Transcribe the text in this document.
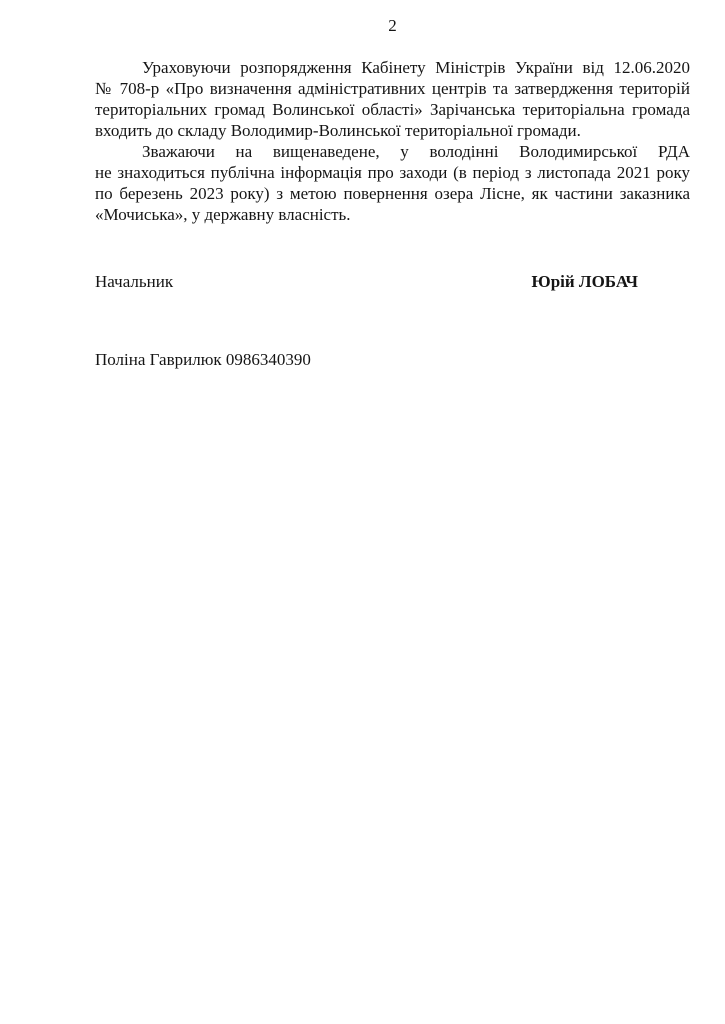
2
Ураховуючи розпорядження Кабінету Міністрів України від 12.06.2020
№ 708-р «Про визначення адміністративних центрів та затвердження територій
територіальних громад Волинської області» Зарічанська територіальна громада
входить до складу Володимир-Волинської територіальної громади.
Зважаючи на вищенаведене, у володінні Володимирської РДА
не знаходиться публічна інформація про заходи (в період з листопада 2021 року
по березень 2023 року) з метою повернення озера Лісне, як частини заказника
«Мочиська», у державну власність.
Начальник	Юрій ЛОБАЧ
Поліна Гаврилюк 0986340390
